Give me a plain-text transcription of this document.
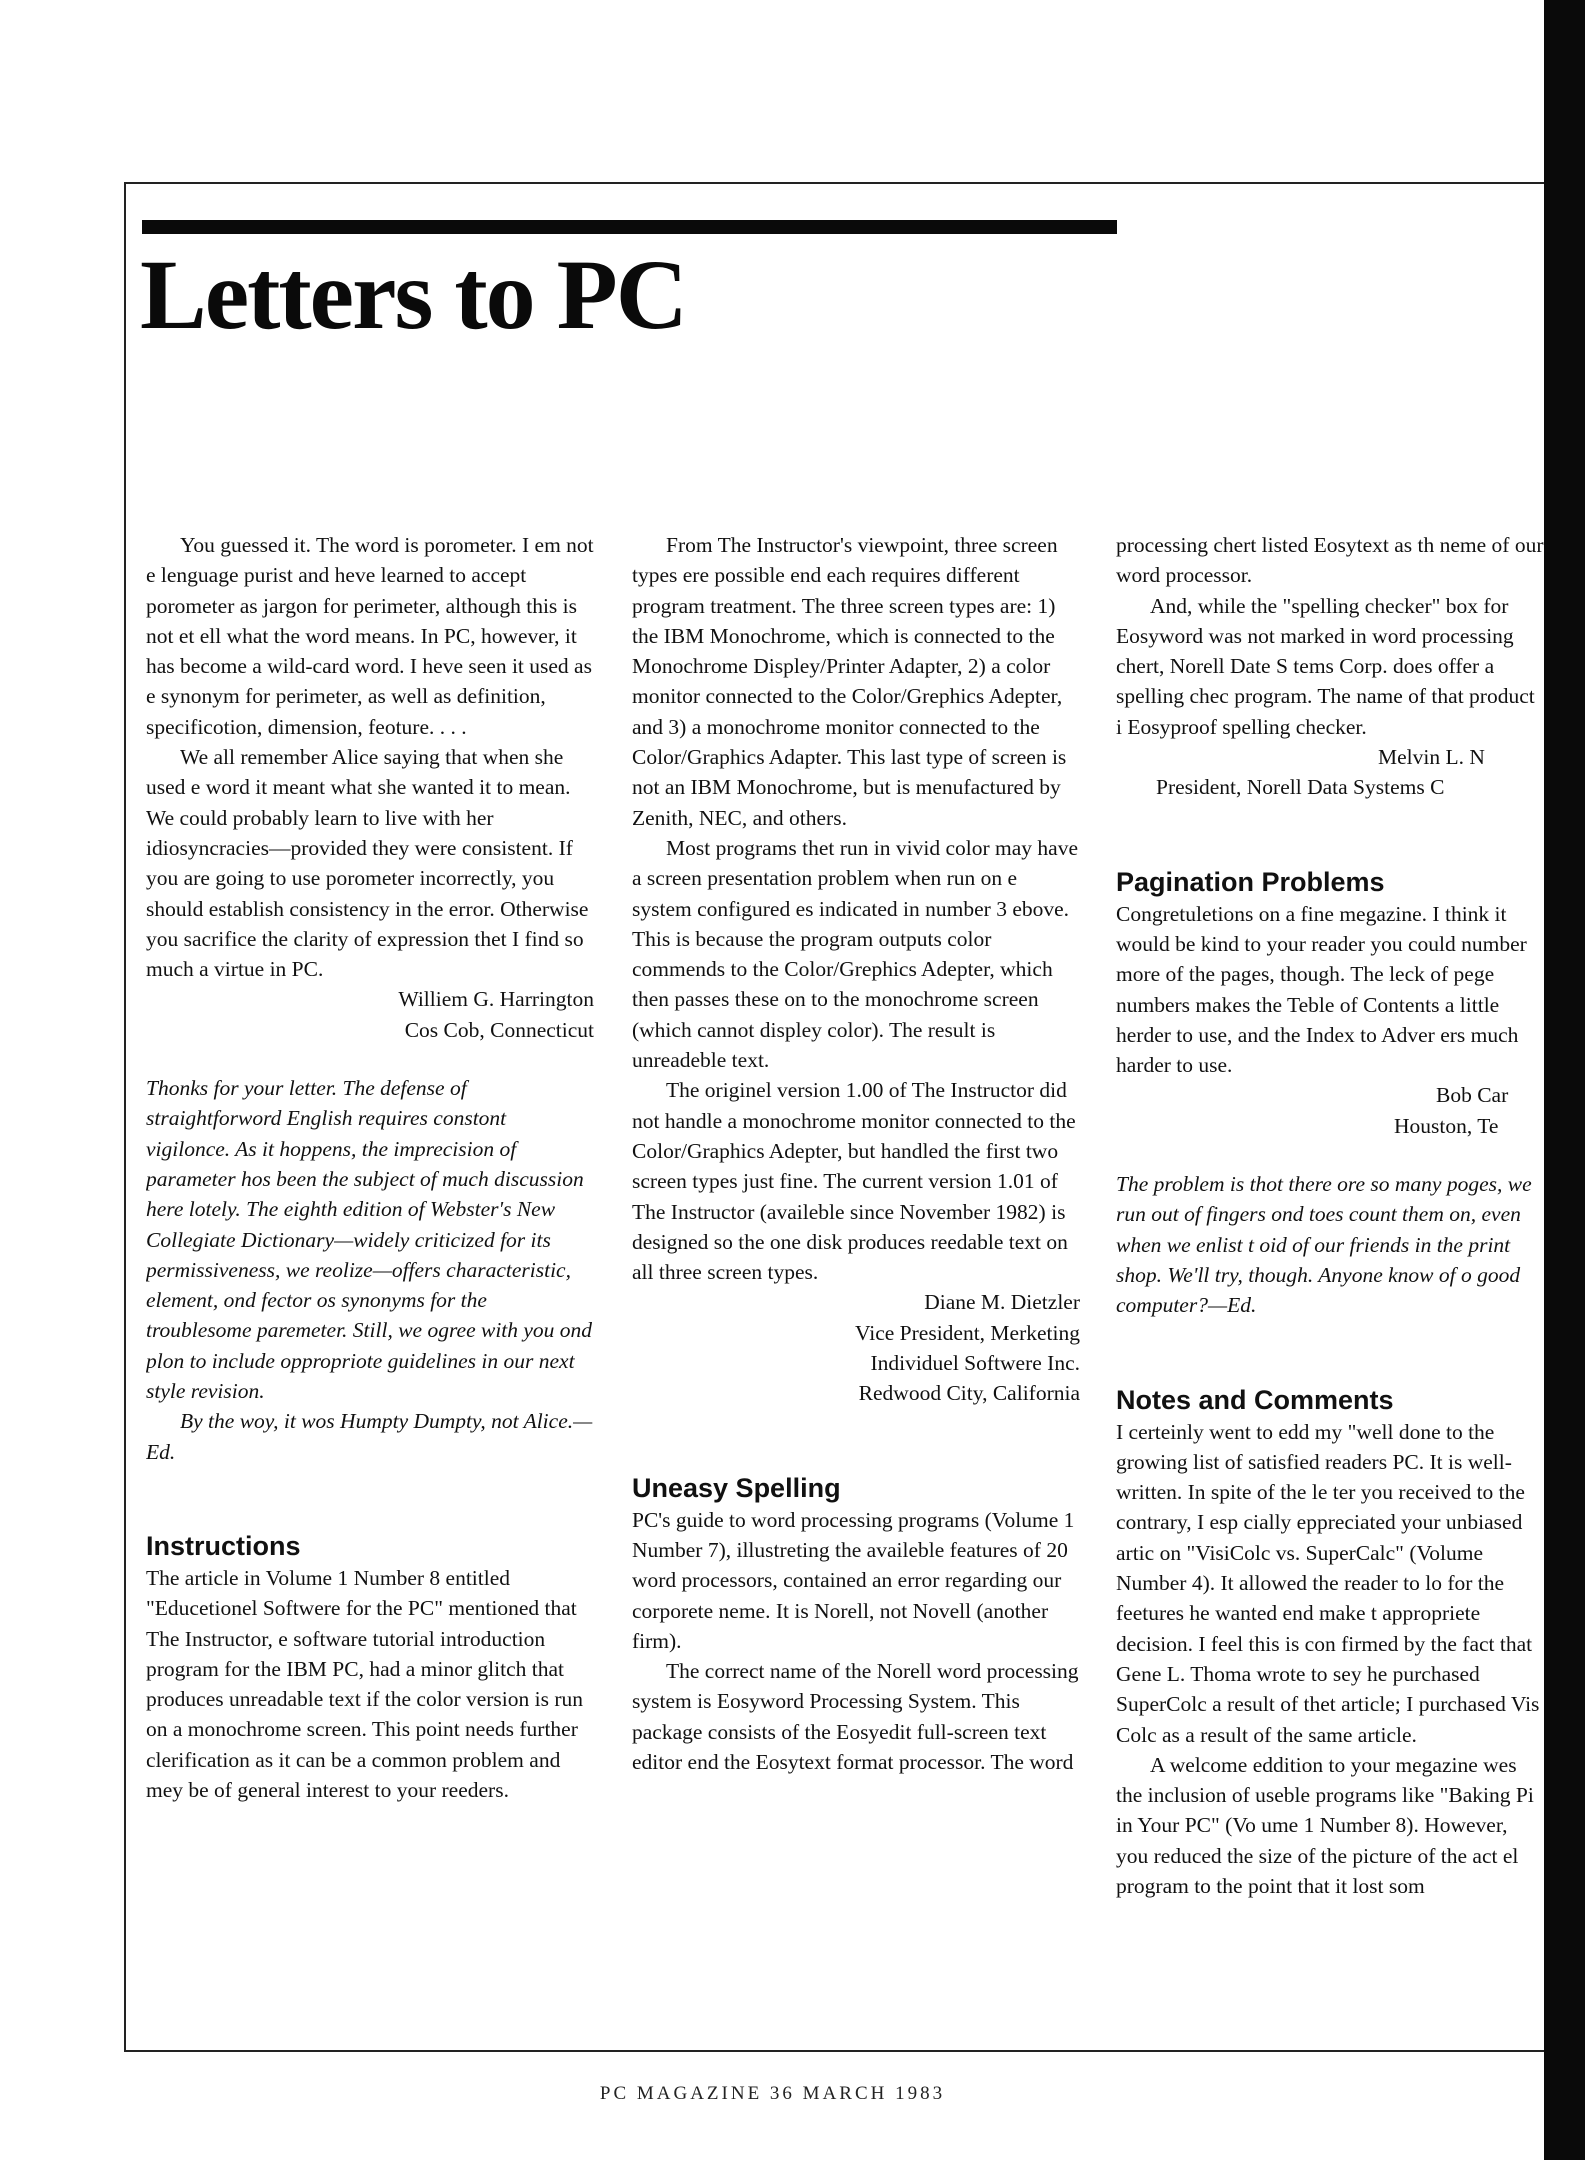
Letters to PC

You guessed it. The word is porometer. I em not e lenguage purist and heve learned to accept porometer as jargon for perimeter, although this is not et ell what the word means. In PC, however, it has become a wild-card word. I heve seen it used as e synonym for perimeter, as well as definition, specificotion, dimension, feoture. . . .

We all remember Alice saying that when she used e word it meant what she wanted it to mean. We could probably learn to live with her idiosyncracies—provided they were consistent. If you are going to use porometer incorrectly, you should establish consistency in the error. Otherwise you sacrifice the clarity of expression thet I find so much a virtue in PC.

Williem G. Harrington

Cos Cob, Connecticut

Thonks for your letter. The defense of straightforword English requires constont vigilonce. As it hoppens, the imprecision of parameter hos been the subject of much discussion here lotely. The eighth edition of Webster's New Collegiate Dictionary—widely criticized for its permissiveness, we reolize—offers characteristic, element, ond fector os synonyms for the troublesome paremeter. Still, we ogree with you ond plon to include oppropriote guidelines in our next style revision.

By the woy, it wos Humpty Dumpty, not Alice.—Ed.

Instructions

The article in Volume 1 Number 8 entitled "Educetionel Softwere for the PC" mentioned that The Instructor, e software tutorial introduction program for the IBM PC, had a minor glitch that produces unreadable text if the color version is run on a monochrome screen. This point needs further clerification as it can be a common problem and mey be of general interest to your reeders.

From The Instructor's viewpoint, three screen types ere possible end each requires different program treatment. The three screen types are: 1) the IBM Monochrome, which is connected to the Monochrome Displey/Printer Adapter, 2) a color monitor connected to the Color/Grephics Adepter, and 3) a monochrome monitor connected to the Color/Graphics Adapter. This last type of screen is not an IBM Monochrome, but is menufactured by Zenith, NEC, and others.

Most programs thet run in vivid color may have a screen presentation problem when run on e system configured es indicated in number 3 ebove. This is because the program outputs color commends to the Color/Grephics Adepter, which then passes these on to the monochrome screen (which cannot displey color). The result is unreadeble text.

The originel version 1.00 of The Instructor did not handle a monochrome monitor connected to the Color/Graphics Adepter, but handled the first two screen types just fine. The current version 1.01 of The Instructor (availeble since November 1982) is designed so the one disk produces reedable text on all three screen types.

Diane M. Dietzler

Vice President, Merketing

Individuel Softwere Inc.

Redwood City, California

Uneasy Spelling

PC's guide to word processing programs (Volume 1 Number 7), illustreting the availeble features of 20 word processors, contained an error regarding our corporete neme. It is Norell, not Novell (another firm).

The correct name of the Norell word processing system is Eosyword Processing System. This package consists of the Eosyedit full-screen text editor end the Eosytext format processor. The word

processing chert listed Eosytext as th neme of our word processor.

And, while the "spelling checker" box for Eosyword was not marked in word processing chert, Norell Date S tems Corp. does offer a spelling chec program. The name of that product i Eosyproof spelling checker.

Melvin L. N

President, Norell Data Systems C

Pagination Problems

Congretuletions on a fine megazine. I think it would be kind to your reader you could number more of the pages, though. The leck of pege numbers makes the Teble of Contents a little herder to use, and the Index to Adver ers much harder to use.

Bob Car

Houston, Te

The problem is thot there ore so many poges, we run out of fingers ond toes count them on, even when we enlist t oid of our friends in the print shop. We'll try, though. Anyone know of o good computer?—Ed.

Notes and Comments

I certeinly went to edd my "well done to the growing list of satisfied readers PC. It is well-written. In spite of the le ter you received to the contrary, I esp cially eppreciated your unbiased artic on "VisiColc vs. SuperCalc" (Volume Number 4). It allowed the reader to lo for the feetures he wanted end make t appropriete decision. I feel this is con firmed by the fact that Gene L. Thoma wrote to sey he purchased SuperColc a result of thet article; I purchased Vis Colc as a result of the same article.

A welcome eddition to your megazine wes the inclusion of useble programs like "Baking Pi in Your PC" (Vo ume 1 Number 8). However, you reduced the size of the picture of the act el program to the point that it lost som

PC MAGAZINE 36 MARCH 1983
